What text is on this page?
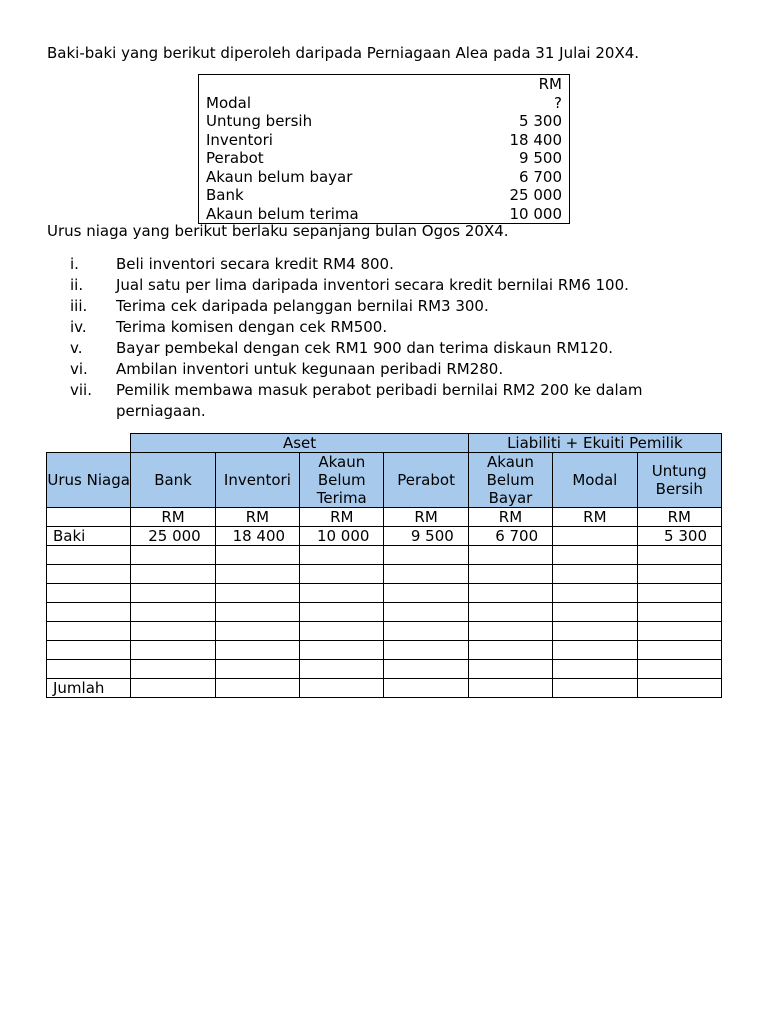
Baki-baki yang berikut diperoleh daripada Perniagaan Alea pada 31 Julai 20X4.

	RM
Modal	?
Untung bersih	5 300
Inventori	18 400
Perabot	9 500
Akaun belum bayar	6 700
Bank	25 000
Akaun belum terima	10 000

Urus niaga yang berikut berlaku sepanjang bulan Ogos 20X4.

i.	Beli inventori secara kredit RM4 800.
ii.	Jual satu per lima daripada inventori secara kredit bernilai RM6 100.
iii.	Terima cek daripada pelanggan bernilai RM3 300.
iv.	Terima komisen dengan cek RM500.
v.	Bayar pembekal dengan cek RM1 900 dan terima diskaun RM120.
vi.	Ambilan inventori untuk kegunaan peribadi RM280.
vii.	Pemilik membawa masuk perabot peribadi bernilai RM2 200 ke dalam perniagaan.
	Aset				Liabiliti + Ekuiti Pemilik		
Urus Niaga	Bank	Inventori	Akaun Belum Terima	Perabot	Akaun Belum Bayar	Modal	Untung Bersih
	RM	RM	RM	RM	RM	RM	RM
Baki	25 000	18 400	10 000	9 500	6 700		5 300

Jumlah							
